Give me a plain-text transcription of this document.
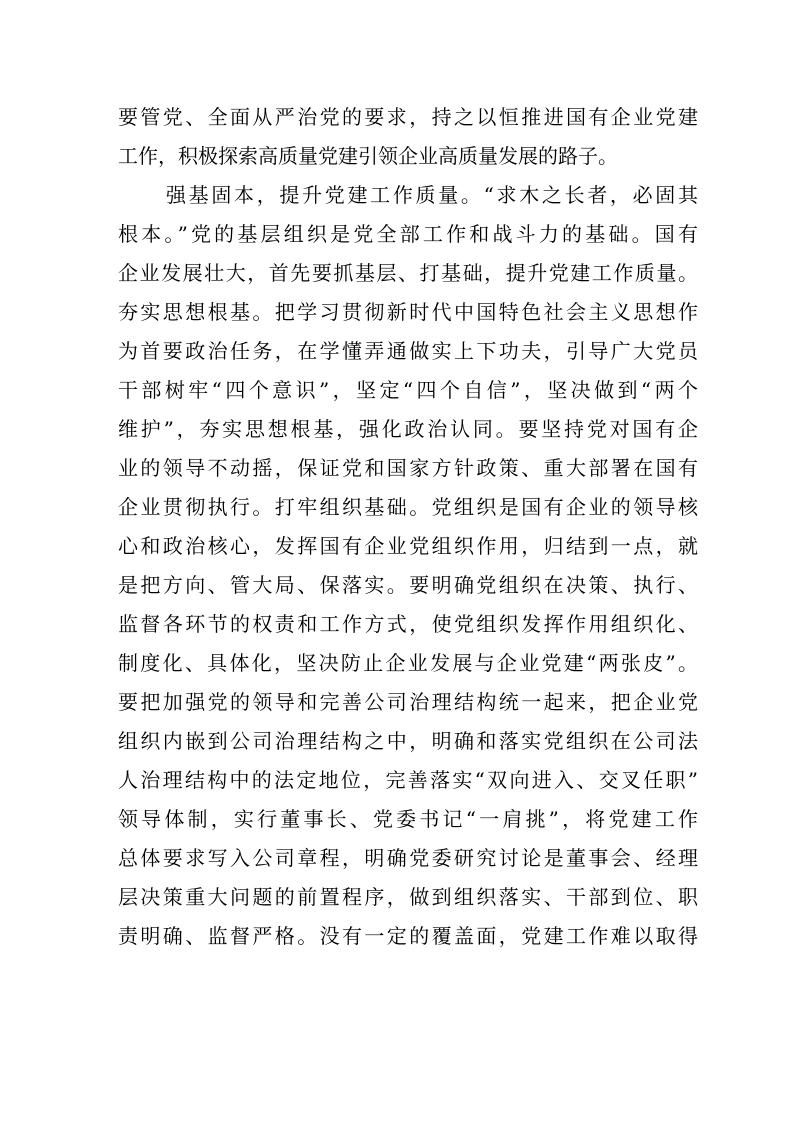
要管党、全面从严治党的要求，持之以恒推进国有企业党建
工作，积极探索高质量党建引领企业高质量发展的路子。
强基固本，提升党建工作质量。“求木之长者，必固其
根本。”党的基层组织是党全部工作和战斗力的基础。国有
企业发展壮大，首先要抓基层、打基础，提升党建工作质量。
夯实思想根基。把学习贯彻新时代中国特色社会主义思想作
为首要政治任务，在学懂弄通做实上下功夫，引导广大党员
干部树牢“四个意识”，坚定“四个自信”，坚决做到“两个
维护”，夯实思想根基，强化政治认同。要坚持党对国有企
业的领导不动摇，保证党和国家方针政策、重大部署在国有
企业贯彻执行。打牢组织基础。党组织是国有企业的领导核
心和政治核心，发挥国有企业党组织作用，归结到一点，就
是把方向、管大局、保落实。要明确党组织在决策、执行、
监督各环节的权责和工作方式，使党组织发挥作用组织化、
制度化、具体化，坚决防止企业发展与企业党建“两张皮”。
要把加强党的领导和完善公司治理结构统一起来，把企业党
组织内嵌到公司治理结构之中，明确和落实党组织在公司法
人治理结构中的法定地位，完善落实“双向进入、交叉任职”
领导体制，实行董事长、党委书记“一肩挑”，将党建工作
总体要求写入公司章程，明确党委研究讨论是董事会、经理
层决策重大问题的前置程序，做到组织落实、干部到位、职
责明确、监督严格。没有一定的覆盖面，党建工作难以取得
